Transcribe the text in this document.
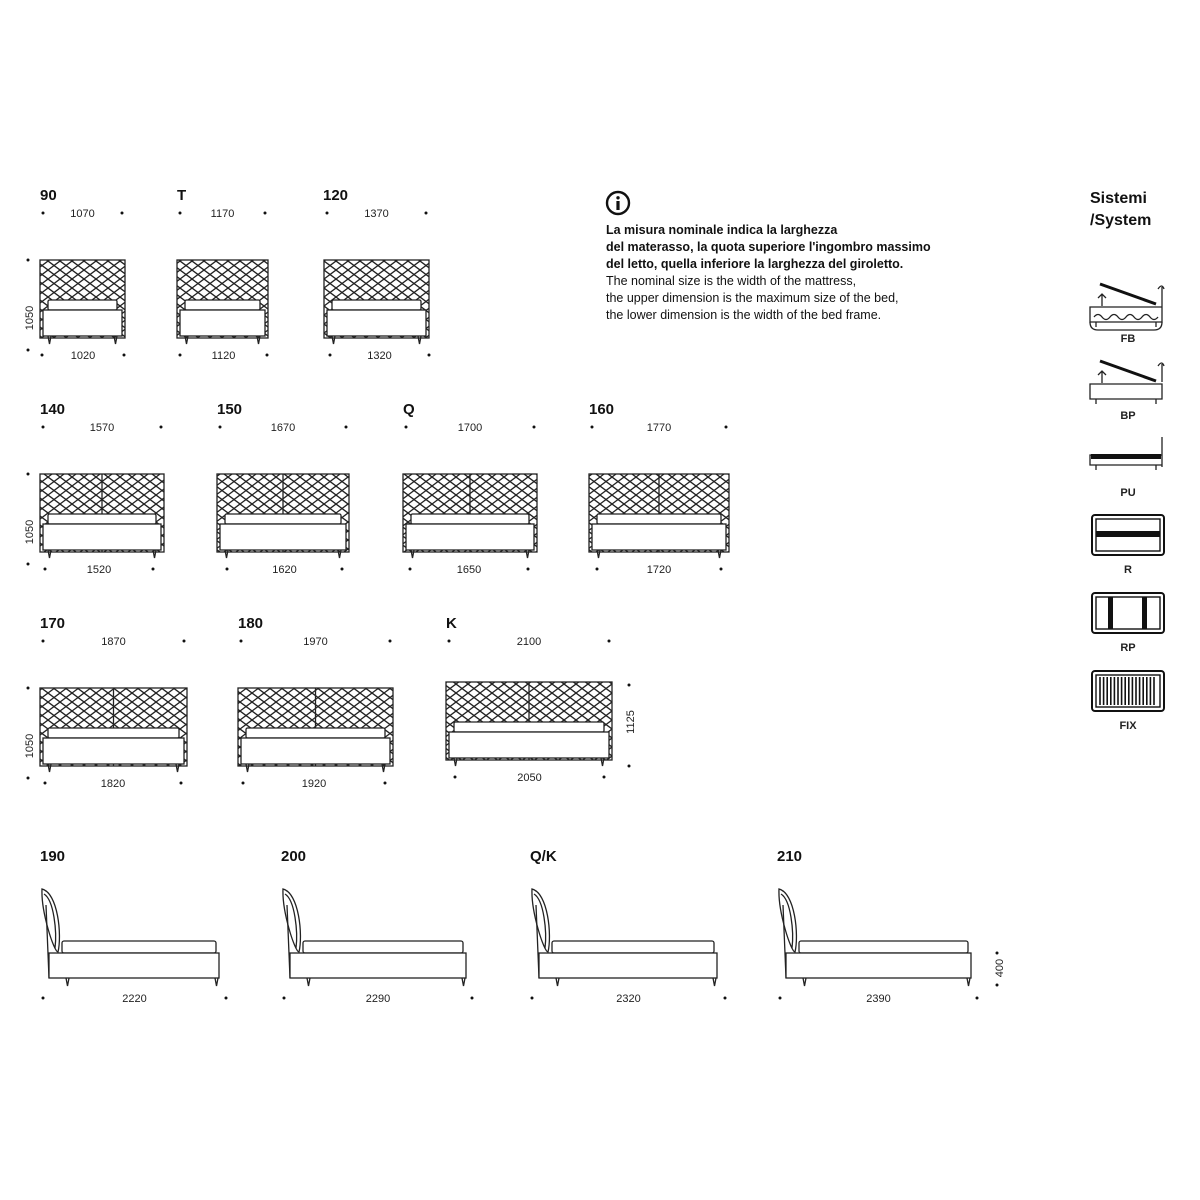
90
1070
1020
1050
T
1170
1120
120
1370
1320
140
1570
1520
1050
150
1670
1620
Q
1700
1650
160
1770
1720
170
1870
1820
1050
180
1970
1920
K
2100
2050
1125
190
2220
200
2290
Q/K
2320
210
2390
400
FB
BP
PU
R
RP
FIX
La misura nominale indica la larghezza
del materasso, la quota superiore l'ingombro massimo
del letto, quella inferiore la larghezza del giroletto.
The nominal size is the width of the mattress,
the upper dimension is the maximum size of the bed,
the lower dimension is the width of the bed frame.
Sistemi
/System
